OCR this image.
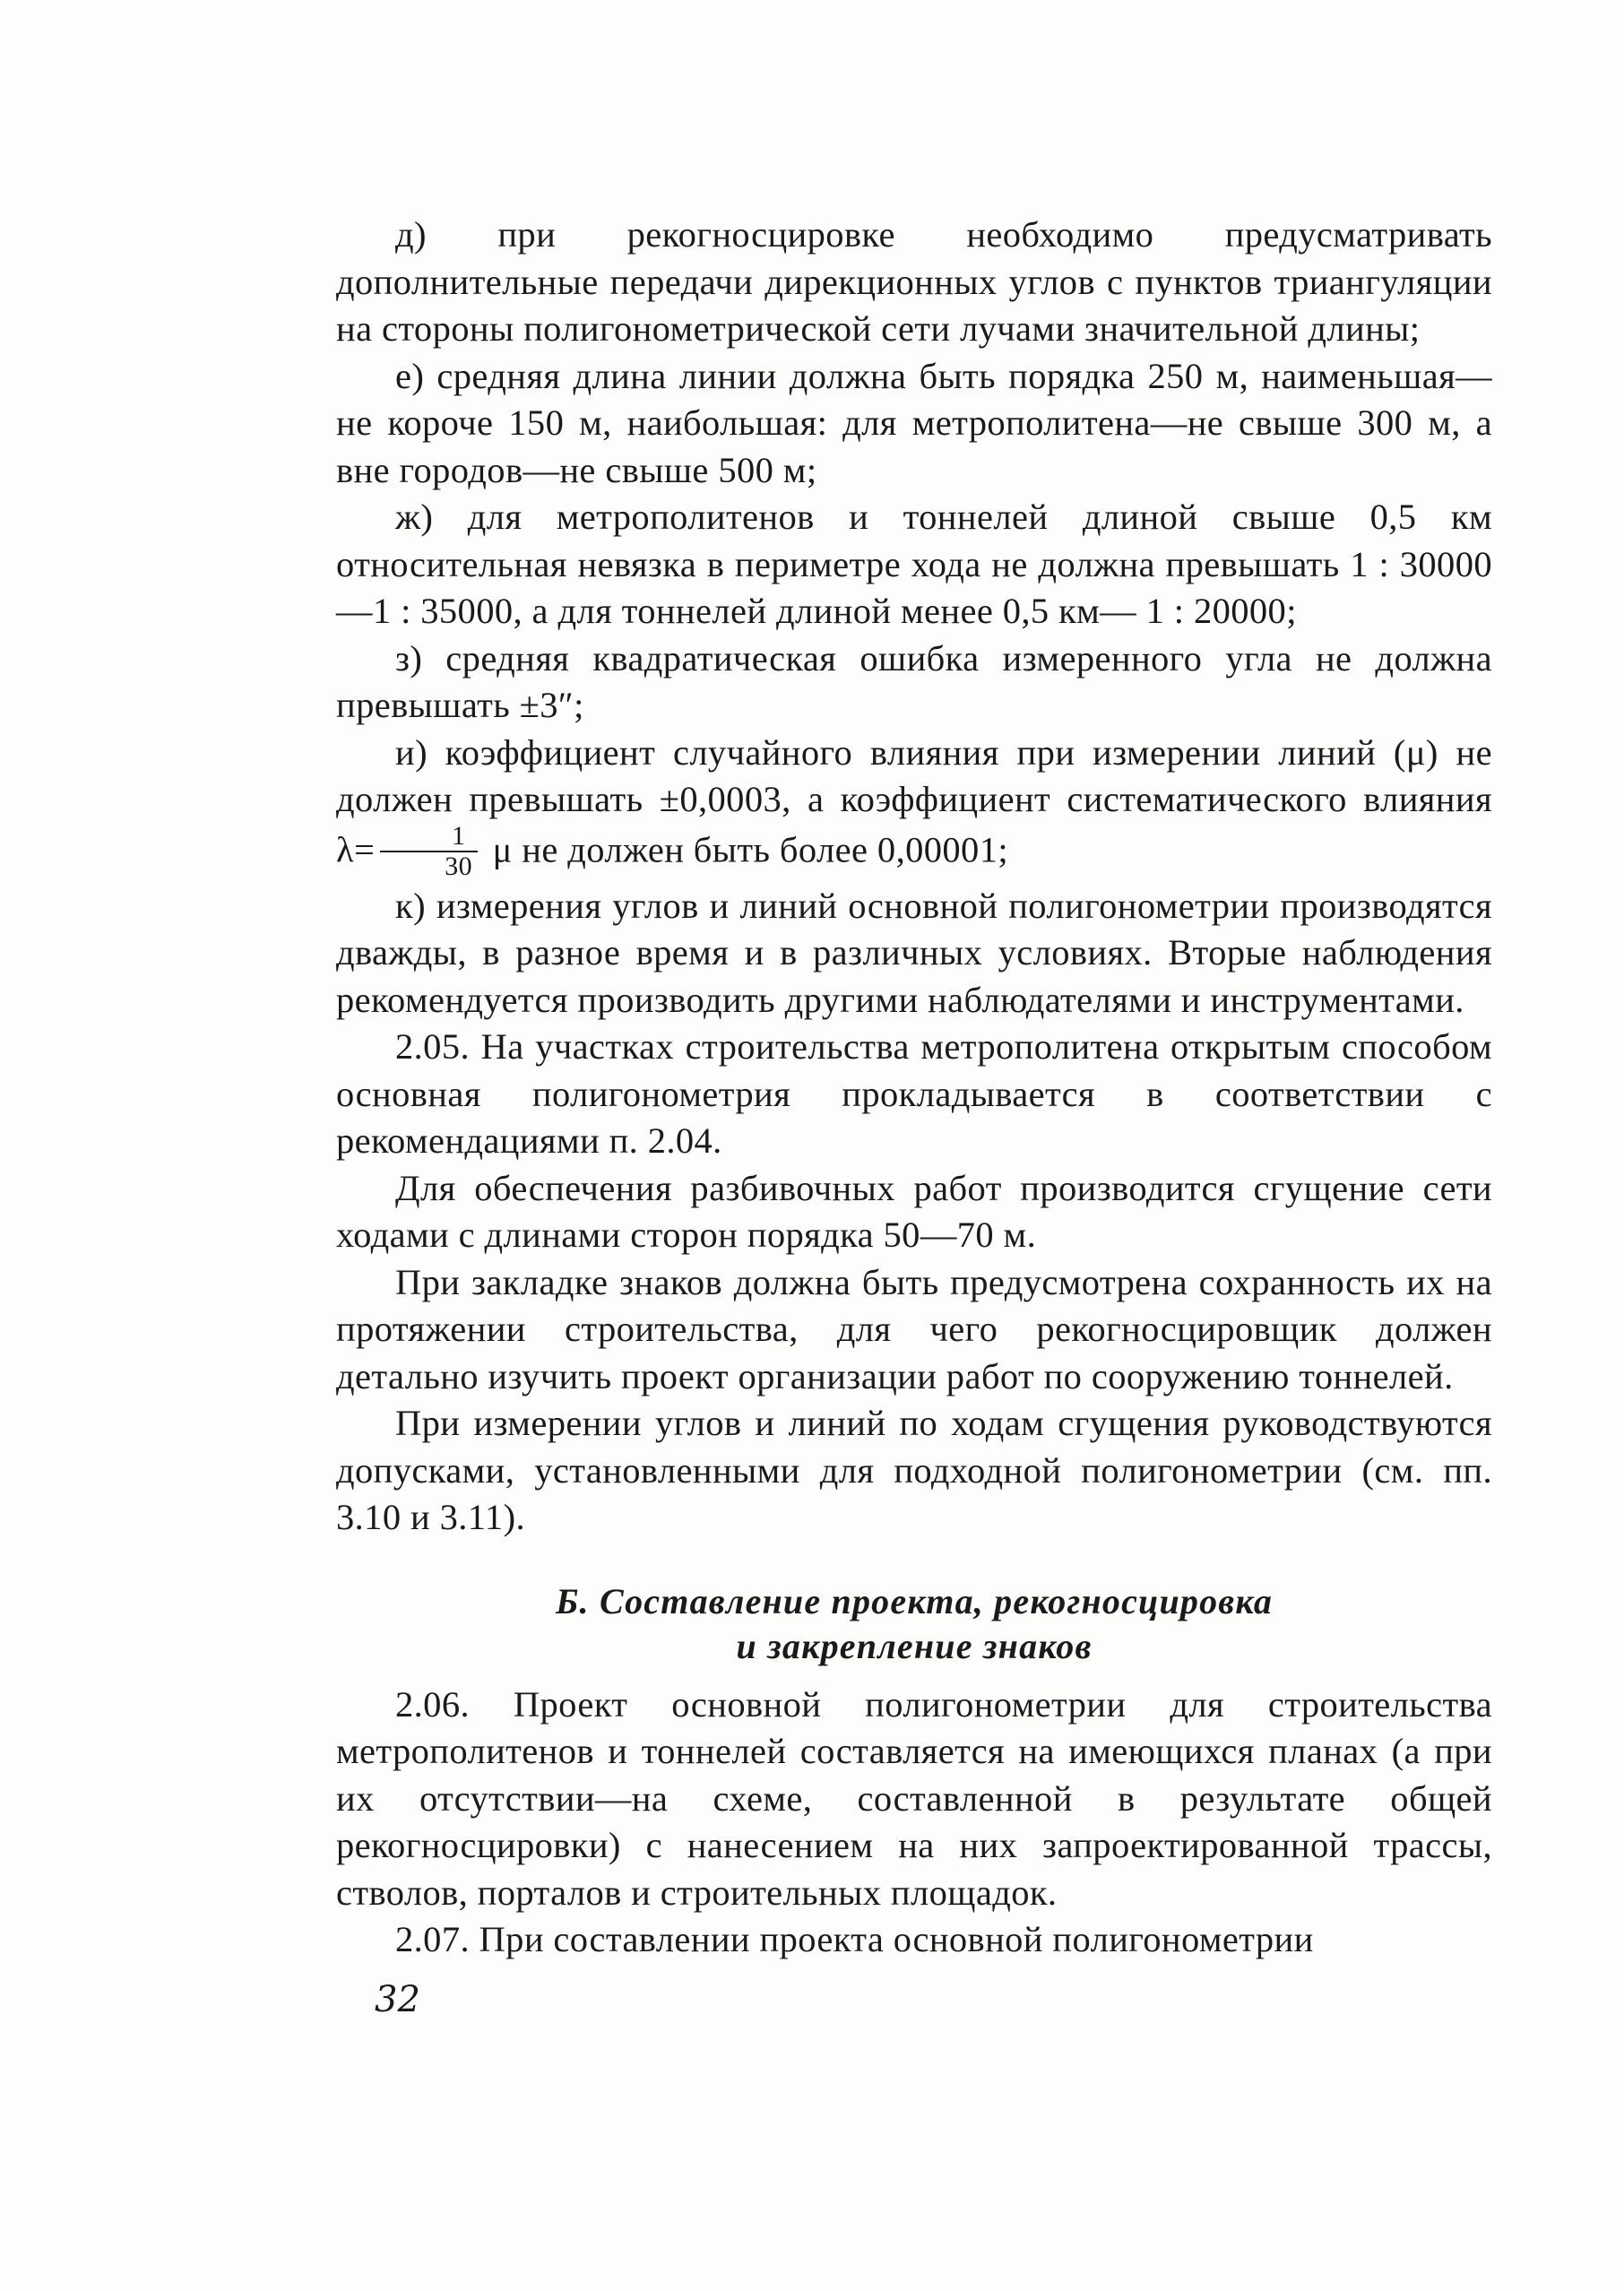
д) при рекогносцировке необходимо предусматривать дополнительные передачи дирекционных углов с пунктов триангуляции на стороны полигонометрической сети лучами значительной длины;

е) средняя длина линии должна быть порядка 250 м, наименьшая—не короче 150 м, наибольшая: для метрополитена—не свыше 300 м, а вне городов—не свыше 500 м;

ж) для метрополитенов и тоннелей длиной свыше 0,5 км относительная невязка в периметре хода не должна превышать 1 : 30000—1 : 35000, а для тоннелей длиной менее 0,5 км— 1 : 20000;

з) средняя квадратическая ошибка измеренного угла не должна превышать ±3″;

и) коэффициент случайного влияния при измерении линий (μ) не должен превышать ±0,0003, а коэффициент систематического влияния $\lambda= \frac{1}{30}$ μ не должен быть более 0,00001;

к) измерения углов и линий основной полигонометрии производятся дважды, в разное время и в различных условиях. Вторые наблюдения рекомендуется производить другими наблюдателями и инструментами.

2.05. На участках строительства метрополитена открытым способом основная полигонометрия прокладывается в соответствии с рекомендациями п. 2.04.

Для обеспечения разбивочных работ производится сгущение сети ходами с длинами сторон порядка 50—70 м.

При закладке знаков должна быть предусмотрена сохранность их на протяжении строительства, для чего рекогносцировщик должен детально изучить проект организации работ по сооружению тоннелей.

При измерении углов и линий по ходам сгущения руководствуются допусками, установленными для подходной полигонометрии (см. пп. 3.10 и 3.11).

Б. Составление проекта, рекогносцировка
и закрепление знаков

2.06. Проект основной полигонометрии для строительства метрополитенов и тоннелей составляется на имеющихся планах (а при их отсутствии—на схеме, составленной в результате общей рекогносцировки) с нанесением на них запроектированной трассы, стволов, порталов и строительных площадок.

2.07. При составлении проекта основной полигонометрии

32
